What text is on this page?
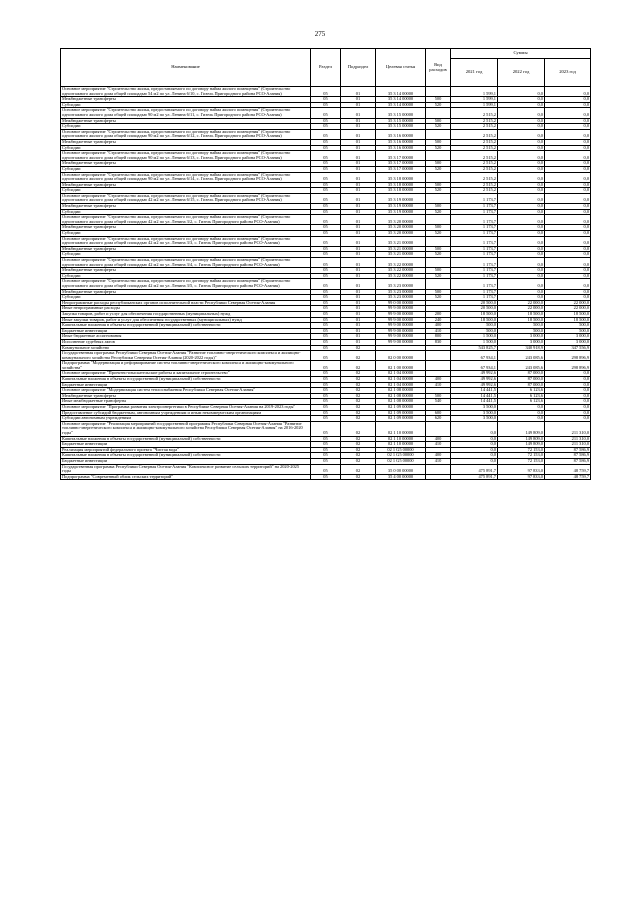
275
Наименование	Раздел	Подраздел	Целевая статья	Вид расходов	Суммы		
					2021 год	2022 год	2023 год
Основное мероприятие "Строительство жилья, предоставляемого по договору найма жилого помещения" (Строительство одноэтажного жилого дома общей площадью 54 м2 по ул. Ленина 6/10, с. Гизель Пригородного района РСО-Алания)	05	01	35 3 14 00000		1 599,1	0,0	0,0
Межбюджетные трансферты	05	01	35 3 14 00000	500	1 599,1	0,0	0,0
Субсидии	05	01	35 3 14 00000	520	1 599,1	0,0	0,0
Основное мероприятие "Строительство жилья, предоставляемого по договору найма жилого помещения" (Строительство одноэтажного жилого дома общей площадью 90 м2 по ул. Ленина 6/11, с. Гизель Пригородного района РСО-Алания)	05	01	35 3 15 00000		2 515,2	0,0	0,0
Межбюджетные трансферты	05	01	35 3 15 00000	500	2 515,2	0,0	0,0
Субсидии	05	01	35 3 15 00000	520	2 515,2	0,0	0,0
Основное мероприятие "Строительство жилья, предоставляемого по договору найма жилого помещения" (Строительство одноэтажного жилого дома общей площадью 90 м2 по ул. Ленина 6/12, с. Гизель Пригородного района РСО-Алания)	05	01	35 3 16 00000		2 515,2	0,0	0,0
Межбюджетные трансферты	05	01	35 3 16 00000	500	2 515,2	0,0	0,0
Субсидии	05	01	35 3 16 00000	520	2 515,2	0,0	0,0
Основное мероприятие "Строительство жилья, предоставляемого по договору найма жилого помещения" (Строительство одноэтажного жилого дома общей площадью 90 м2 по ул. Ленина 6/13, с. Гизель Пригородного района РСО-Алания)	05	01	35 3 17 00000		2 515,2	0,0	0,0
Межбюджетные трансферты	05	01	35 3 17 00000	500	2 515,2	0,0	0,0
Субсидии	05	01	35 3 17 00000	520	2 515,2	0,0	0,0
Основное мероприятие "Строительство жилья, предоставляемого по договору найма жилого помещения" (Строительство одноэтажного жилого дома общей площадью 90 м2 по ул. Ленина 6/14, с. Гизель Пригородного района РСО-Алания)	05	01	35 3 18 00000		2 515,2	0,0	0,0
Межбюджетные трансферты	05	01	35 3 18 00000	500	2 515,2	0,0	0,0
Субсидии	05	01	35 3 18 00000	520	2 515,2	0,0	0,0
Основное мероприятие "Строительство жилья, предоставляемого по договору найма жилого помещения" (Строительство одноэтажного жилого дома общей площадью 42 м2 по ул. Ленина 6/15, с. Гизель Пригородного района РСО-Алания)	05	01	35 3 19 00000		1 173,7	0,0	0,0
Межбюджетные трансферты	05	01	35 3 19 00000	500	1 173,7	0,0	0,0
Субсидии	05	01	35 3 19 00000	520	1 173,7	0,0	0,0
Основное мероприятие "Строительство жилья, предоставляемого по договору найма жилого помещения" (Строительство одноэтажного жилого дома общей площадью 42 м2 по ул. Ленина 3/2, с. Гизель Пригородного района РСО-Алания)	05	01	35 3 20 00000		1 173,7	0,0	0,0
Межбюджетные трансферты	05	01	35 3 20 00000	500	1 173,7	0,0	0,0
Субсидии	05	01	35 3 20 00000	520	1 173,7	0,0	0,0
Основное мероприятие "Строительство жилья, предоставляемого по договору найма жилого помещения" (Строительство одноэтажного жилого дома общей площадью 42 м2 по ул. Ленина 3/3, с. Гизель Пригородного района РСО-Алания)	05	01	35 3 21 00000		1 173,7	0,0	0,0
Межбюджетные трансферты	05	01	35 3 21 00000	500	1 173,7	0,0	0,0
Субсидии	05	01	35 3 21 00000	520	1 173,7	0,0	0,0
Основное мероприятие "Строительство жилья, предоставляемого по договору найма жилого помещения" (Строительство одноэтажного жилого дома общей площадью 42 м2 по ул. Ленина 3/4, с. Гизель Пригородного района РСО-Алания)	05	01	35 3 22 00000		1 173,7	0,0	0,0
Межбюджетные трансферты	05	01	35 3 22 00000	500	1 173,7	0,0	0,0
Субсидии	05	01	35 3 22 00000	520	1 173,7	0,0	0,0
Основное мероприятие "Строительство жилья, предоставляемого по договору найма жилого помещения" (Строительство одноэтажного жилого дома общей площадью 42 м2 по ул. Ленина 3/5, с. Гизель Пригородного района РСО-Алания)	05	01	35 3 23 00000		1 173,7	0,0	0,0
Межбюджетные трансферты	05	01	35 3 23 00000	500	1 173,7	0,0	0,0
Субсидии	05	01	35 3 23 00000	520	1 173,7	0,0	0,0
Непрограммные расходы республиканских органов исполнительной власти Республики Северная Осетия-Алания	05	01	99 0 00 00000		20 500,0	22 000,0	22 000,0
Иные непрограммные расходы	05	01	99 9 00 00000		20 500,0	22 000,0	22 000,0
Закупка товаров, работ и услуг для обеспечения государственных (муниципальных) нужд	05	01	99 9 00 00000	200	18 500,0	18 500,0	18 500,0
Иные закупки товаров, работ и услуг для обеспечения государственных (муниципальных) нужд	05	01	99 9 00 00000	240	18 500,0	18 500,0	18 500,0
Капитальные вложения в объекты государственной (муниципальной) собственности	05	01	99 9 00 00000	400	500,0	500,0	500,0
Бюджетные инвестиции	05	01	99 9 00 00000	410	500,0	500,0	500,0
Иные бюджетные ассигнования	05	01	99 9 00 00000	800	1 500,0	3 000,0	3 000,0
Исполнение судебных актов	05	01	99 9 00 00000	830	1 500,0	3 000,0	3 000,0
Коммунальное хозяйство	05	02			543 825,7	340 918,9	347 556,9
Государственная программа Республики Северная Осетия-Алания "Развитие топливно-энергетического комплекса и жилищно-коммунального хозяйства Республики Северная Осетия-Алания (2020-2022 годы)"	05	02	02 0 00 00000		67 934,1	243 085,6	298 896,9
Подпрограмма "Модернизация и реформирование систем топливно-энергетического комплекса и жилищно-коммунального хозяйства"	05	02	02 1 00 00000		67 934,1	243 085,6	298 896,9
Основное мероприятие "Проектно-изыскательские работы и капитальное строительство"	05	02	02 1 04 00000		49 992,6	87 000,0	0,0
Капитальные вложения в объекты государственной (муниципальной) собственности	05	02	02 1 04 00000	400	49 992,6	87 000,0	0,0
Бюджетные инвестиции	05	02	02 1 04 00000	410	49 992,6	87 000,0	0,0
Основное мероприятие "Модернизация систем теплоснабжения Республики Северная Осетия-Алания"	05	02	02 1 08 00000		14 441,5	6 123,6	0,0
Межбюджетные трансферты	05	02	02 1 08 00000	500	14 441,5	6 123,6	0,0
Иные межбюджетные трансферты	05	02	02 1 08 00000	540	14 441,5	6 123,6	0,0
Основное мероприятие "Программа развития электроэнергетики в Республике Северная Осетия-Алания на 2019-2023 годы"	05	02	02 1 09 00000		3 500,0	0,0	0,0
Предоставление субсидий бюджетным, автономным учреждениям и иным некоммерческим организациям	05	02	02 1 09 00000	600	3 500,0	0,0	0,0
Субсидии автономным учреждениям	05	02	02 1 09 00000	620	3 500,0	0,0	0,0
Основное мероприятие "Реализация мероприятий государственной программы Республики Северная Осетия-Алания "Развитие топливно-энергетического комплекса и жилищно-коммунального хозяйства Республики Северная Осетия-Алания" на 2016-2020 годы"	05	02	02 1 10 00000		0,0	149 809,0	211 310,0
Капитальные вложения в объекты государственной (муниципальной) собственности	05	02	02 1 10 00000	400	0,0	149 809,0	211 310,0
Бюджетные инвестиции	05	02	02 1 10 00000	410	0,0	149 809,0	211 310,0
Реализация мероприятий федерального проекта "Чистая вода"	05	02	02 1 G5 00000		0,0	72 153,0	87 586,9
Капитальные вложения в объекты государственной (муниципальной) собственности	05	02	02 1 G5 00000	400	0,0	72 153,0	87 586,9
Бюджетные инвестиции	05	02	02 1 G5 00000	410	0,0	72 153,0	87 586,9
Государственная программа Республики Северная Осетия-Алания "Комплексное развитие сельских территорий" на 2020-2025 годы	05	02	35 0 00 00000		475 891,7	97 833,0	48 759,7
Подпрограмма "Современный облик сельских территорий"	05	02	35 4 00 00000		475 891,7	97 833,0	48 759,7
